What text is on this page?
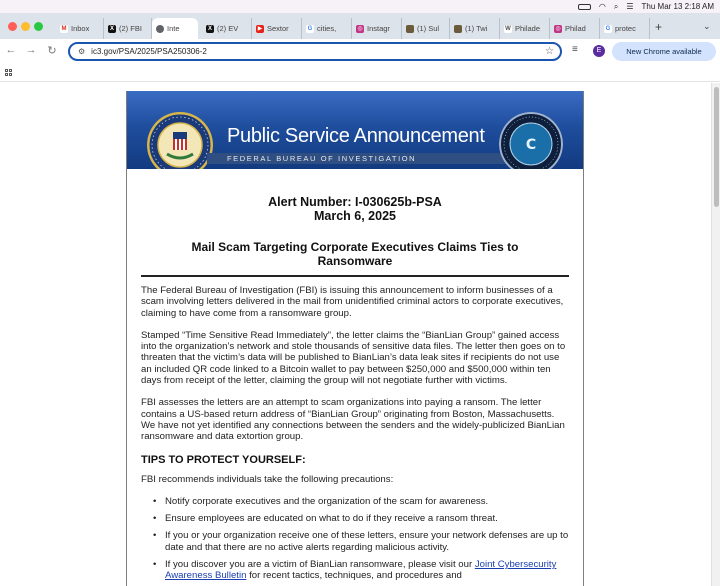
◠ ⌕ ☰ Thu Mar 13 2:18 AM
M Inbox	X (2) FBI	Inte	X (2) EV	▶ Sextor	G cities,	◎ Instagr	(1) Sul	(1) Twi	W Philade	◎ Philad	G protec +	⌄
← → ↻	⚙ ic3.gov/PSA/2025/PSA250306-2	☆ ≡	E	New Chrome available
Public Service Announcement
FEDERAL BUREAU OF INVESTIGATION
C
Alert Number: I-030625b-PSA
March 6, 2025
Mail Scam Targeting Corporate Executives Claims Ties to Ransomware

The Federal Bureau of Investigation (FBI) is issuing this announcement to inform businesses of a scam involving letters delivered in the mail from unidentified criminal actors to corporate executives, claiming to have come from a ransomware group.

Stamped “Time Sensitive Read Immediately”, the letter claims the “BianLian Group” gained access into the organization’s network and stole thousands of sensitive data files. The letter then goes on to threaten that the victim’s data will be published to BianLian’s data leak sites if recipients do not use an included QR code linked to a Bitcoin wallet to pay between $250,000 and $500,000 within ten days from receipt of the letter, claiming the group will not negotiate further with victims.

FBI assesses the letters are an attempt to scam organizations into paying a ransom. The letter contains a US-based return address of “BianLian Group” originating from Boston, Massachusetts. We have not yet identified any connections between the senders and the widely-publicized BianLian ransomware and data extortion group.

TIPS TO PROTECT YOURSELF:

FBI recommends individuals take the following precautions:

• Notify corporate executives and the organization of the scam for awareness.
• Ensure employees are educated on what to do if they receive a ransom threat.
• If you or your organization receive one of these letters, ensure your network defenses are up to date and that there are no active alerts regarding malicious activity.
• If you discover you are a victim of BianLian ransomware, please visit our Joint Cybersecurity Awareness Bulletin for recent tactics, techniques, and procedures and
